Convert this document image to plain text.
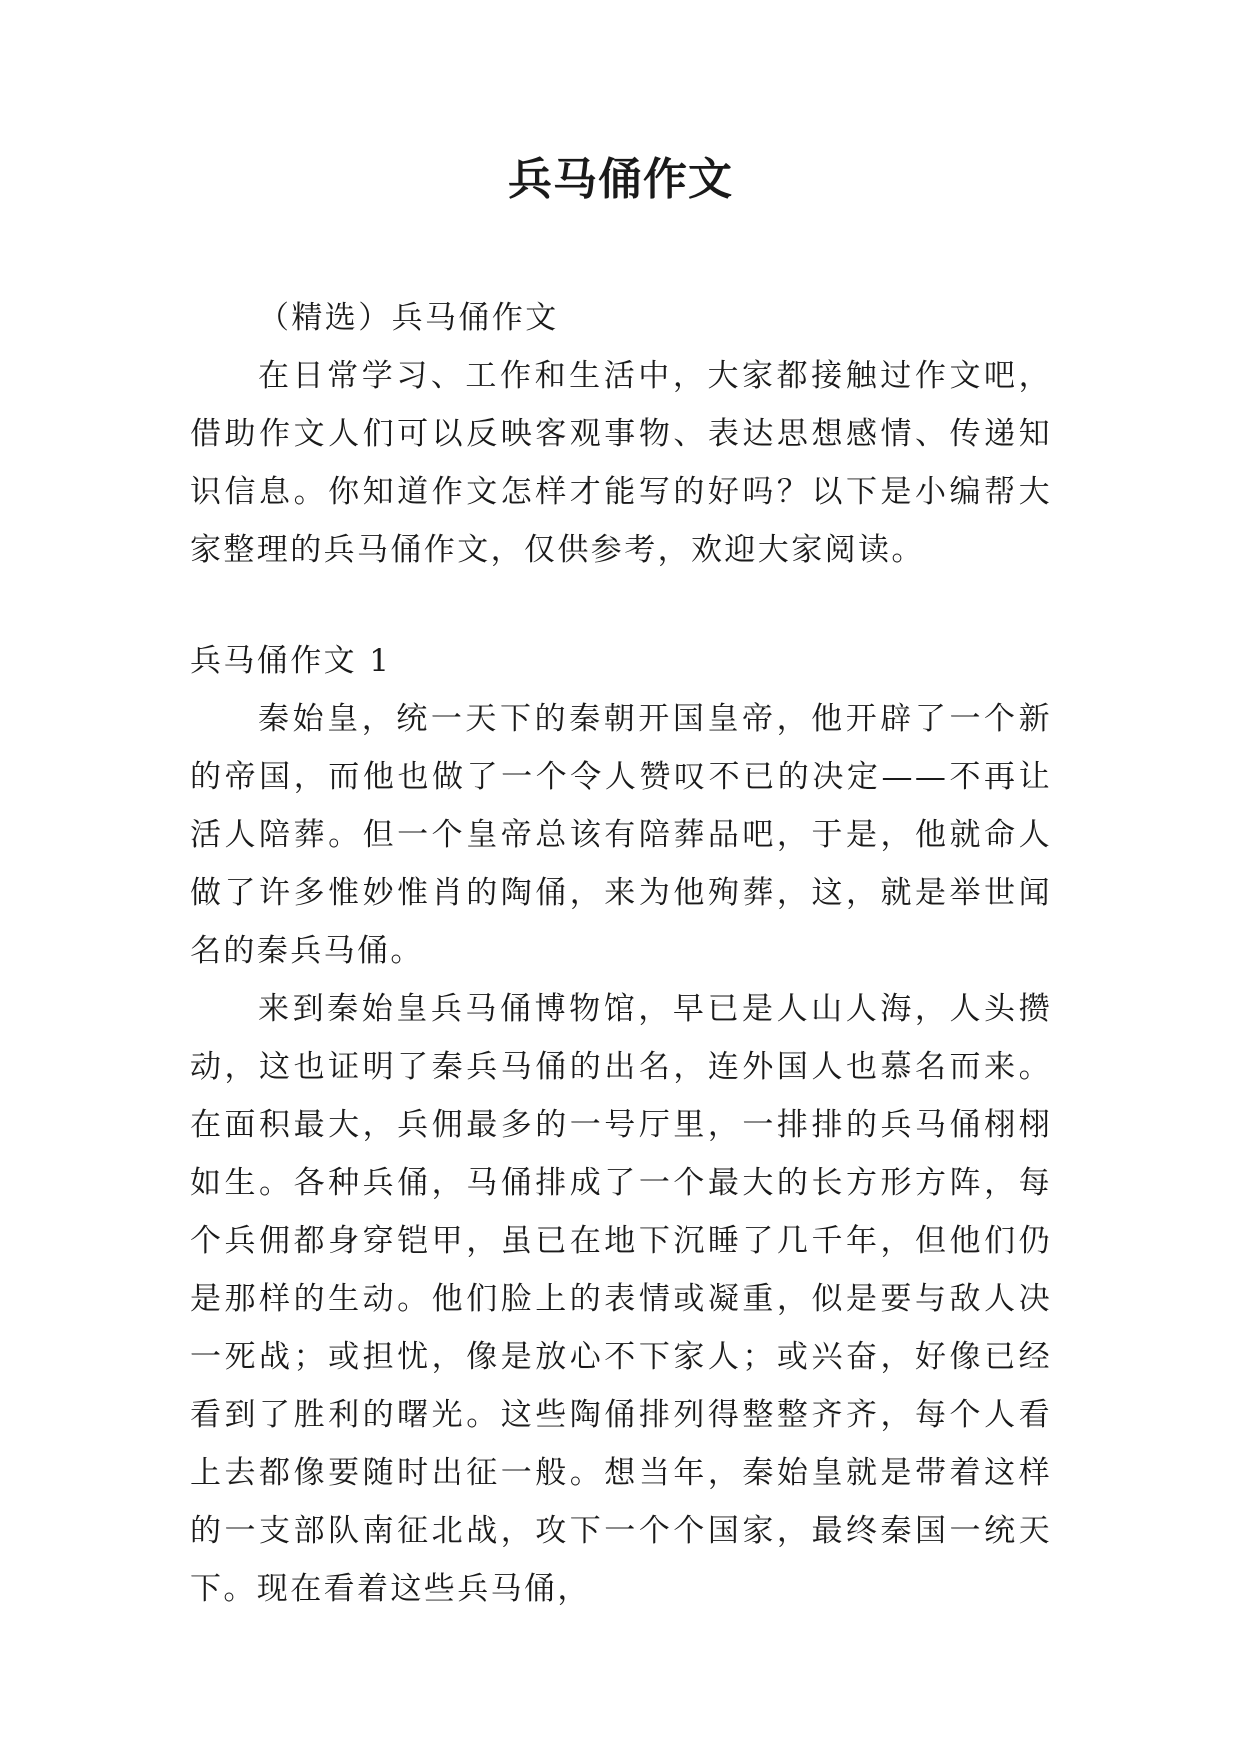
兵马俑作文

（精选）兵马俑作文

在日常学习、工作和生活中，大家都接触过作文吧，借助作文人们可以反映客观事物、表达思想感情、传递知识信息。你知道作文怎样才能写的好吗？以下是小编帮大家整理的兵马俑作文，仅供参考，欢迎大家阅读。

兵马俑作文 1

秦始皇，统一天下的秦朝开国皇帝，他开辟了一个新的帝国，而他也做了一个令人赞叹不已的决定——不再让活人陪葬。但一个皇帝总该有陪葬品吧，于是，他就命人做了许多惟妙惟肖的陶俑，来为他殉葬，这，就是举世闻名的秦兵马俑。

来到秦始皇兵马俑博物馆，早已是人山人海，人头攒动，这也证明了秦兵马俑的出名，连外国人也慕名而来。在面积最大，兵佣最多的一号厅里，一排排的兵马俑栩栩如生。各种兵俑，马俑排成了一个最大的长方形方阵，每个兵佣都身穿铠甲，虽已在地下沉睡了几千年，但他们仍是那样的生动。他们脸上的表情或凝重，似是要与敌人决一死战；或担忧，像是放心不下家人；或兴奋，好像已经看到了胜利的曙光。这些陶俑排列得整整齐齐，每个人看上去都像要随时出征一般。想当年，秦始皇就是带着这样的一支部队南征北战，攻下一个个国家，最终秦国一统天下。现在看着这些兵马俑，
